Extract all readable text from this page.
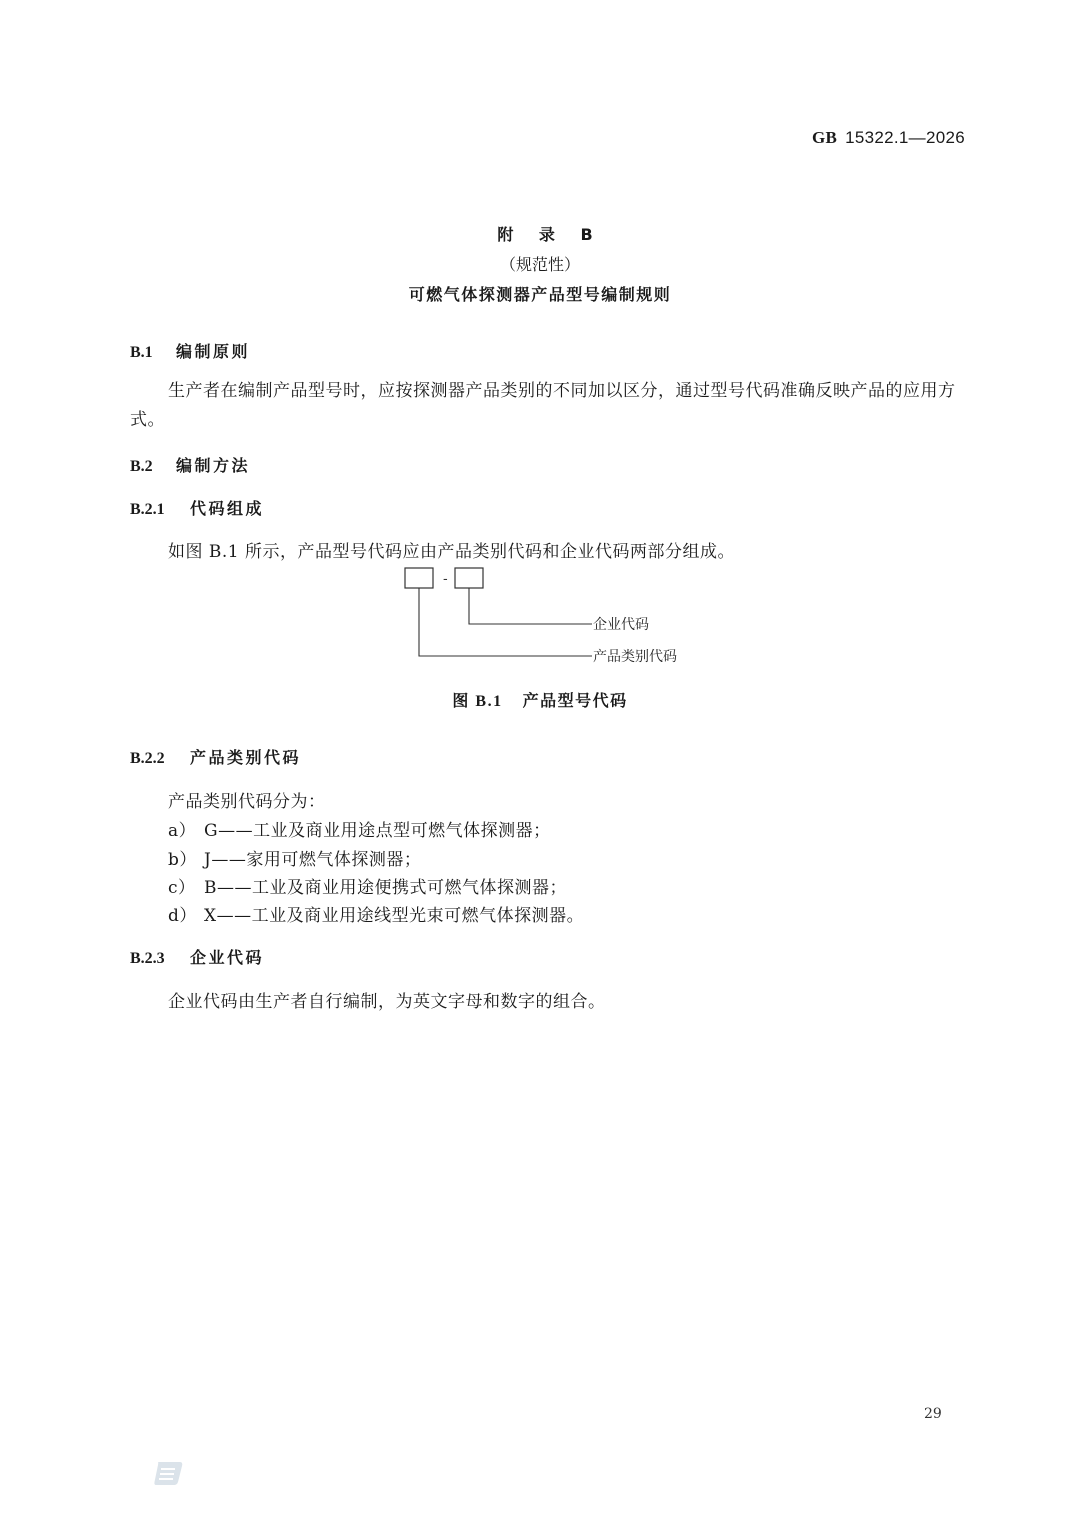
GB 15322.1—2026
附 录 B
（规范性）
可燃气体探测器产品型号编制规则
B.1 编制原则
生产者在编制产品型号时，应按探测器产品类别的不同加以区分，通过型号代码准确反映产品的应用方式。
B.2 编制方法
B.2.1 代码组成
如图 B.1 所示，产品型号代码应由产品类别代码和企业代码两部分组成。
-
企业代码
产品类别代码
图 B.1 产品型号代码
B.2.2 产品类别代码
产品类别代码分为：
a） G——工业及商业用途点型可燃气体探测器；
b） J——家用可燃气体探测器；
c） B——工业及商业用途便携式可燃气体探测器；
d） X——工业及商业用途线型光束可燃气体探测器。
B.2.3 企业代码
企业代码由生产者自行编制，为英文字母和数字的组合。
29
